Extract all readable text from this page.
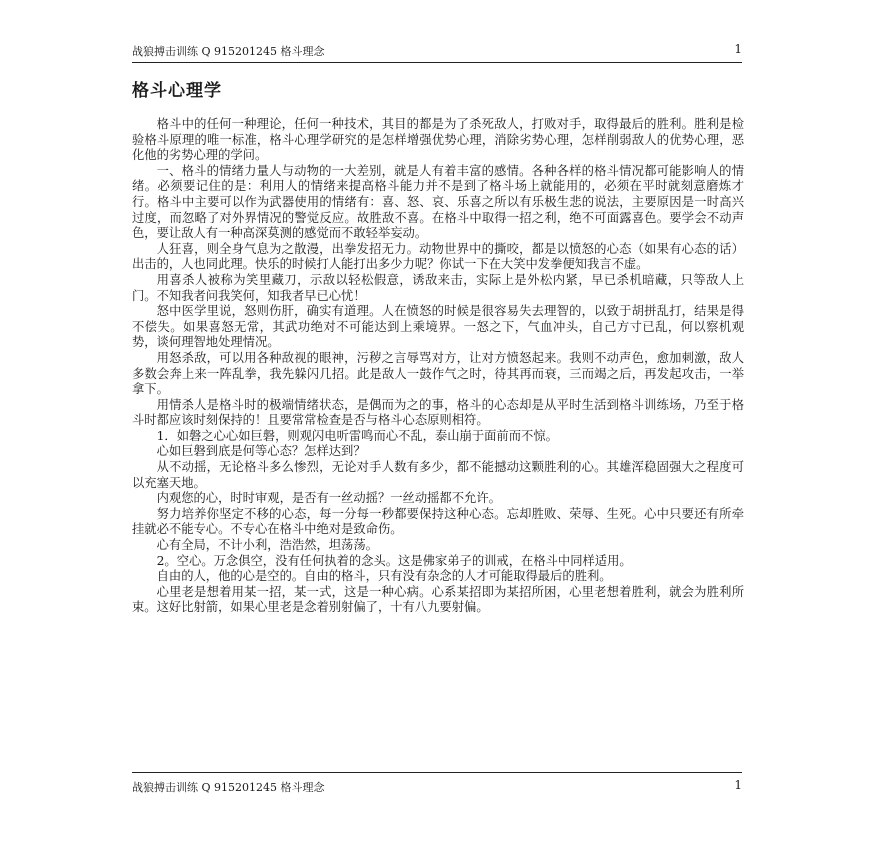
战狼搏击训练 Q 915201245 格斗理念	1
格斗心理学

格斗中的任何一种理论，任何一种技术，其目的都是为了杀死敌人，打败对手，取得最后的胜利。胜利是检验格斗原理的唯一标准，格斗心理学研究的是怎样增强优势心理，消除劣势心理，怎样削弱敌人的优势心理，恶化他的劣势心理的学问。

一、格斗的情绪力量人与动物的一大差别，就是人有着丰富的感情。各种各样的格斗情况都可能影响人的情绪。必须要记住的是：利用人的情绪来提高格斗能力并不是到了格斗场上就能用的，必须在平时就刻意磨炼才行。格斗中主要可以作为武器使用的情绪有：喜、怒、哀、乐喜之所以有乐极生悲的说法，主要原因是一时高兴过度，而忽略了对外界情况的警觉反应。故胜敌不喜。在格斗中取得一招之利，绝不可面露喜色。要学会不动声色，要让敌人有一种高深莫测的感觉而不敢轻举妄动。

人狂喜，则全身气息为之散漫，出拳发招无力。动物世界中的撕咬，都是以愤怒的心态（如果有心态的话）出击的，人也同此理。快乐的时候打人能打出多少力呢？你试一下在大笑中发拳便知我言不虚。

用喜杀人被称为笑里藏刀，示敌以轻松假意，诱敌来击，实际上是外松内紧，早已杀机暗藏，只等敌人上门。不知我者问我笑何，知我者早已心忧！

怒中医学里说，怒则伤肝，确实有道理。人在愤怒的时候是很容易失去理智的，以致于胡拼乱打，结果是得不偿失。如果喜怒无常，其武功绝对不可能达到上乘境界。一怒之下，气血冲头，自己方寸已乱，何以察机观势，谈何理智地处理情况。

用怒杀敌，可以用各种敌视的眼神，污秽之言辱骂对方，让对方愤怒起来。我则不动声色，愈加刺激，敌人多数会奔上来一阵乱拳，我先躲闪几招。此是敌人一鼓作气之时，待其再而衰，三而竭之后，再发起攻击，一举拿下。

用情杀人是格斗时的极端情绪状态，是偶而为之的事，格斗的心态却是从平时生活到格斗训练场，乃至于格斗时都应该时刻保持的！且要常常检查是否与格斗心态原则相符。

1．如磐之心心如巨磐，则观闪电听雷鸣而心不乱，泰山崩于面前而不惊。

心如巨磐到底是何等心态？怎样达到？

从不动摇，无论格斗多么惨烈，无论对手人数有多少，都不能撼动这颗胜利的心。其雄浑稳固强大之程度可以充塞天地。

内观您的心，时时审观，是否有一丝动摇？一丝动摇都不允许。

努力培养你坚定不移的心态，每一分每一秒都要保持这种心态。忘却胜败、荣辱、生死。心中只要还有所牵挂就必不能专心。不专心在格斗中绝对是致命伤。

心有全局，不计小利，浩浩然，坦荡荡。

2。空心。万念俱空，没有任何执着的念头。这是佛家弟子的训戒，在格斗中同样适用。

自由的人，他的心是空的。自由的格斗，只有没有杂念的人才可能取得最后的胜利。

心里老是想着用某一招，某一式，这是一种心病。心系某招即为某招所困，心里老想着胜利，就会为胜利所束。这好比射箭，如果心里老是念着别射偏了，十有八九要射偏。

战狼搏击训练 Q 915201245 格斗理念	1
